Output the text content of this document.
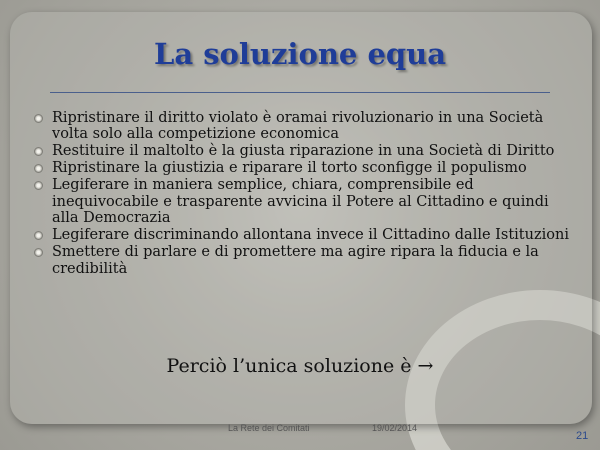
La soluzione equa
Ripristinare il diritto violato è oramai rivoluzionario in una Società volta solo alla competizione economica
Restituire il maltolto è la giusta riparazione in una Società di Diritto
Ripristinare la giustizia e riparare il torto sconfigge il populismo
Legiferare in maniera semplice, chiara, comprensibile ed inequivocabile e trasparente avvicina il Potere al Cittadino e quindi alla Democrazia
Legiferare discriminando allontana invece il Cittadino dalle Istituzioni
Smettere di parlare e di promettere ma agire ripara la fiducia e la credibilità

Perciò l’unica soluzione è →

La Rete dei Comitati	19/02/2014
21
